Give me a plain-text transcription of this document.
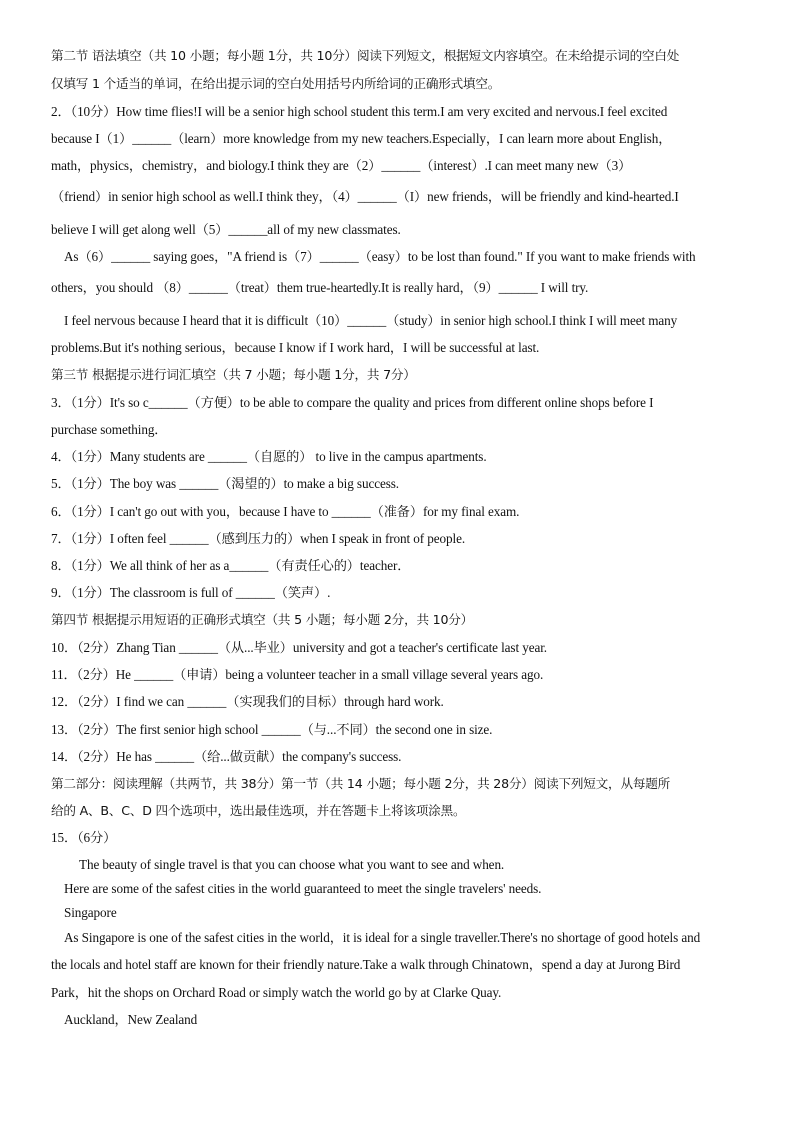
第二节 语法填空（共 10 小题；每小题 1分，共 10分）阅读下列短文，根据短文内容填空。在未给提示词的空白处
仅填写 1 个适当的单词，在给出提示词的空白处用括号内所给词的正确形式填空。
2．（10分）How time flies!I will be a senior high school student this term.I am very excited and nervous.I feel excited
because I（1）______（learn）more knowledge from my new teachers.Especially，I can learn more about English，
math，physics，chemistry，and biology.I think they are（2）______（interest）.I can meet many new（3）
（friend）in senior high school as well.I think they，（4）______（I）new friends，will be friendly and kind-hearted.I
believe I will get along well（5）______all of my new classmates.
As（6）______ saying goes，"A friend is（7）______（easy）to be lost than found." If you want to make friends with
others，you should （8）______（treat）them true-heartedly.It is really hard，（9）______ I will try.
I feel nervous because I heard that it is difficult（10）______（study）in senior high school.I think I will meet many
problems.But it's nothing serious，because I know if I work hard，I will be successful at last.
第三节 根据提示进行词汇填空（共 7 小题；每小题 1分，共 7分）
3．（1分）It's so c______（方便）to be able to compare the quality and prices from different online shops before I
purchase something．
4．（1分）Many students are ______（自愿的） to live in the campus apartments.
5．（1分）The boy was ______（渴望的）to make a big success.
6．（1分）I can't go out with you，because I have to ______（准备）for my final exam.
7．（1分）I often feel ______（感到压力的）when I speak in front of people.
8．（1分）We all think of her as a______（有责任心的）teacher．
9．（1分）The classroom is full of ______（笑声）.
第四节 根据提示用短语的正确形式填空（共 5 小题；每小题 2分，共 10分）
10．（2分）Zhang Tian ______（从...毕业）university and got a teacher's certificate last year.
11．（2分）He ______（申请）being a volunteer teacher in a small village several years ago.
12．（2分）I find we can ______（实现我们的目标）through hard work.
13．（2分）The first senior high school ______（与...不同）the second one in size.
14．（2分）He has ______（给...做贡献）the company's success.
第二部分：阅读理解（共两节，共 38分）第一节（共 14 小题；每小题 2分，共 28分）阅读下列短文，从每题所
给的 A、B、C、D 四个选项中，选出最佳选项，并在答题卡上将该项涂黑。
15．（6分）
The beauty of single travel is that you can choose what you want to see and when.
Here are some of the safest cities in the world guaranteed to meet the single travelers' needs.
Singapore
As Singapore is one of the safest cities in the world，it is ideal for a single traveller.There's no shortage of good hotels and
the locals and hotel staff are known for their friendly nature.Take a walk through Chinatown，spend a day at Jurong Bird
Park，hit the shops on Orchard Road or simply watch the world go by at Clarke Quay.
Auckland，New Zealand
